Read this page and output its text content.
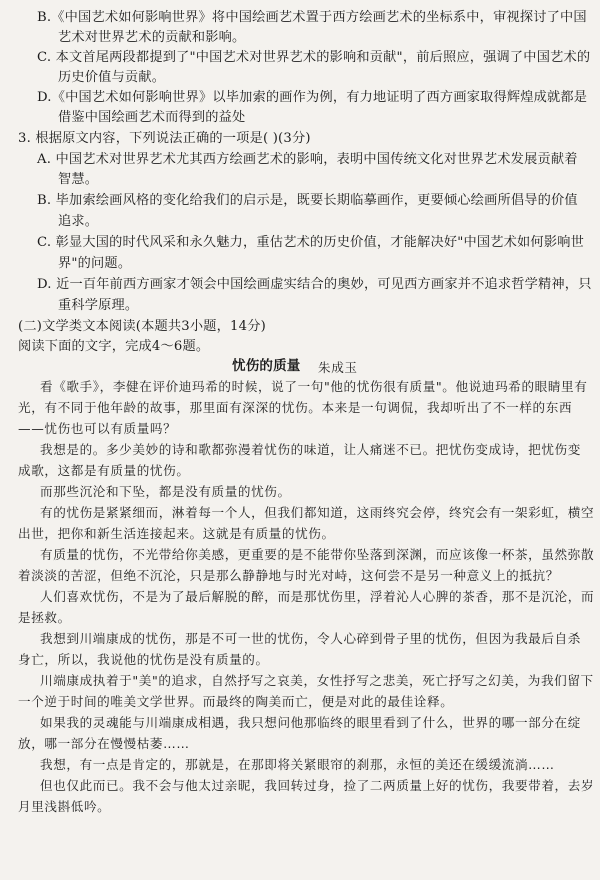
B.《中国艺术如何影响世界》将中国绘画艺术置于西方绘画艺术的坐标系中，审视探讨了中国
艺术对世界艺术的贡献和影响。
C. 本文首尾两段都提到了"中国艺术对世界艺术的影响和贡献"，前后照应，强调了中国艺术的
历史价值与贡献。
D.《中国艺术如何影响世界》以毕加索的画作为例，有力地证明了西方画家取得辉煌成就都是
借鉴中国绘画艺术而得到的益处
3. 根据原文内容，下列说法正确的一项是( )(3分)
A. 中国艺术对世界艺术尤其西方绘画艺术的影响，表明中国传统文化对世界艺术发展贡献着
智慧。
B. 毕加索绘画风格的变化给我们的启示是，既要长期临摹画作，更要倾心绘画所倡导的价值
追求。
C. 彰显大国的时代风采和永久魅力，重估艺术的历史价值，才能解决好"中国艺术如何影响世
界"的问题。
D. 近一百年前西方画家才领会中国绘画虚实结合的奥妙，可见西方画家并不追求哲学精神，只
重科学原理。
(二)文学类文本阅读(本题共3小题，14分)
阅读下面的文字，完成4～6题。
忧伤的质量 朱成玉
看《歌手》，李健在评价迪玛希的时候，说了一句"他的忧伤很有质量"。他说迪玛希的眼睛里有
光，有不同于他年龄的故事，那里面有深深的忧伤。本来是一句调侃，我却听出了不一样的东西
——忧伤也可以有质量吗？
我想是的。多少美妙的诗和歌都弥漫着忧伤的味道，让人痛迷不已。把忧伤变成诗，把忧伤变
成歌，这都是有质量的忧伤。
而那些沉沦和下坠，都是没有质量的忧伤。
有的忧伤是紧紧细而，淋着每一个人，但我们都知道，这雨终究会停，终究会有一架彩虹，横空
出世，把你和新生活连接起来。这就是有质量的忧伤。
有质量的忧伤，不光带给你美感，更重要的是不能带你坠落到深渊，而应该像一杯茶，虽然弥散
着淡淡的苦涩，但绝不沉沦，只是那么静静地与时光对峙，这何尝不是另一种意义上的抵抗？
人们喜欢忧伤，不是为了最后解脱的醉，而是那忧伤里，浮着沁人心脾的茶香，那不是沉沦，而
是拯救。
我想到川端康成的忧伤，那是不可一世的忧伤，令人心碎到骨子里的忧伤，但因为我最后自杀
身亡，所以，我说他的忧伤是没有质量的。
川端康成执着于"美"的追求，自然抒写之哀美，女性抒写之悲美，死亡抒写之幻美，为我们留下
一个逆于时间的唯美文学世界。而最终的陶美而亡，便是对此的最佳诠释。
如果我的灵魂能与川端康成相遇，我只想问他那临终的眼里看到了什么，世界的哪一部分在绽
放，哪一部分在慢慢枯萎……
我想，有一点是肯定的，那就是，在那即将关紧眼帘的刹那，永恒的美还在缓缓流淌……
但也仅此而已。我不会与他太过亲昵，我回转过身，捡了二两质量上好的忧伤，我要带着，去岁
月里浅斟低吟。
